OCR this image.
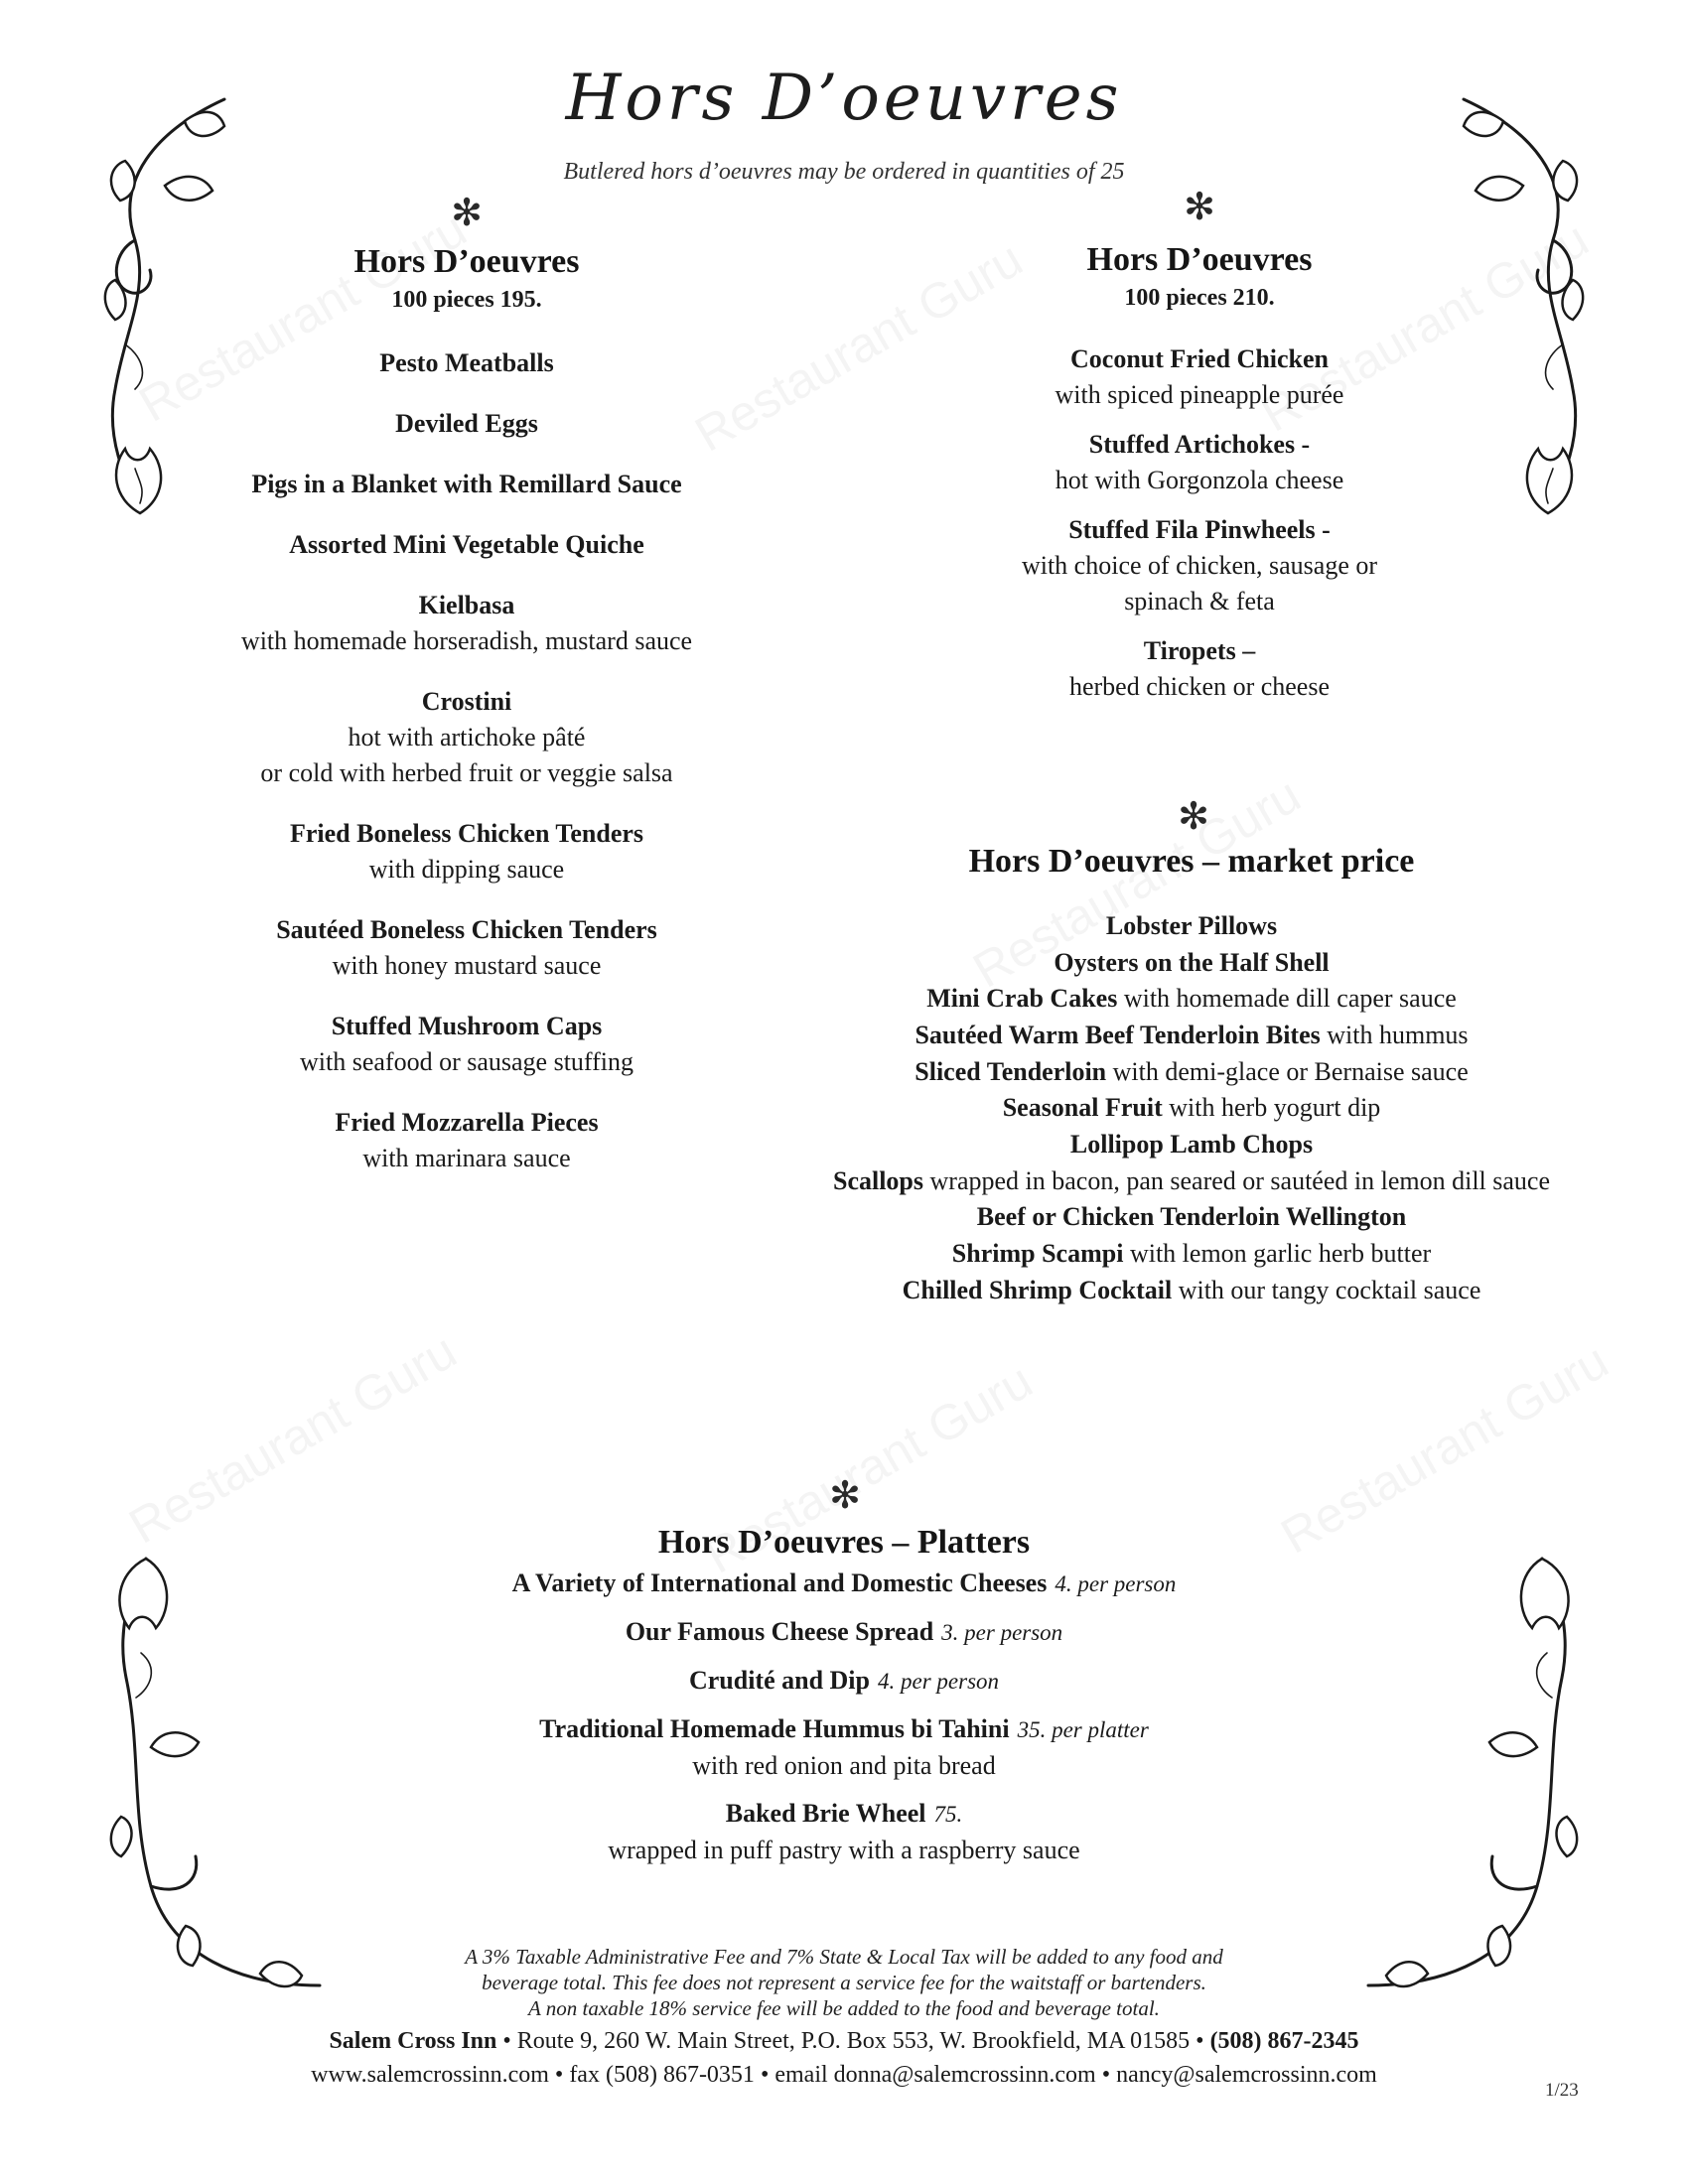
Hors D’oeuvres
Butlered hors d’oeuvres may be ordered in quantities of 25
✻	✻
✻
✻
Hors D’oeuvres
100 pieces 195.
Pesto Meatballs
Deviled Eggs
Pigs in a Blanket with Remillard Sauce
Assorted Mini Vegetable Quiche
Kielbasa
with homemade horseradish, mustard sauce
Crostini
hot with artichoke pâté
or cold with herbed fruit or veggie salsa
Fried Boneless Chicken Tenders
with dipping sauce
Sautéed Boneless Chicken Tenders
with honey mustard sauce
Stuffed Mushroom Caps
with seafood or sausage stuffing
Fried Mozzarella Pieces
with marinara sauce
Hors D’oeuvres
100 pieces 210.
Coconut Fried Chicken
with spiced pineapple purée
Stuffed Artichokes -
hot with Gorgonzola cheese
Stuffed Fila Pinwheels -
with choice of chicken, sausage or
spinach & feta
Tiropets –
herbed chicken or cheese
Hors D’oeuvres – market price
Lobster Pillows
Oysters on the Half Shell
Mini Crab Cakes with homemade dill caper sauce
Sautéed Warm Beef Tenderloin Bites with hummus
Sliced Tenderloin with demi-glace or Bernaise sauce
Seasonal Fruit with herb yogurt dip
Lollipop Lamb Chops
Scallops wrapped in bacon, pan seared or sautéed in lemon dill sauce
Beef or Chicken Tenderloin Wellington
Shrimp Scampi with lemon garlic herb butter
Chilled Shrimp Cocktail with our tangy cocktail sauce
Hors D’oeuvres – Platters
A Variety of International and Domestic Cheeses 4. per person
Our Famous Cheese Spread 3. per person
Crudité and Dip 4. per person
Traditional Homemade Hummus bi Tahini 35. per platter
with red onion and pita bread
Baked Brie Wheel 75.
wrapped in puff pastry with a raspberry sauce
A 3% Taxable Administrative Fee and 7% State & Local Tax will be added to any food and
beverage total. This fee does not represent a service fee for the waitstaff or bartenders.
A non taxable 18% service fee will be added to the food and beverage total.
Salem Cross Inn • Route 9, 260 W. Main Street, P.O. Box 553, W. Brookfield, MA 01585 • (508) 867-2345
www.salemcrossinn.com • fax (508) 867-0351 • email donna@salemcrossinn.com • nancy@salemcrossinn.com
1/23
